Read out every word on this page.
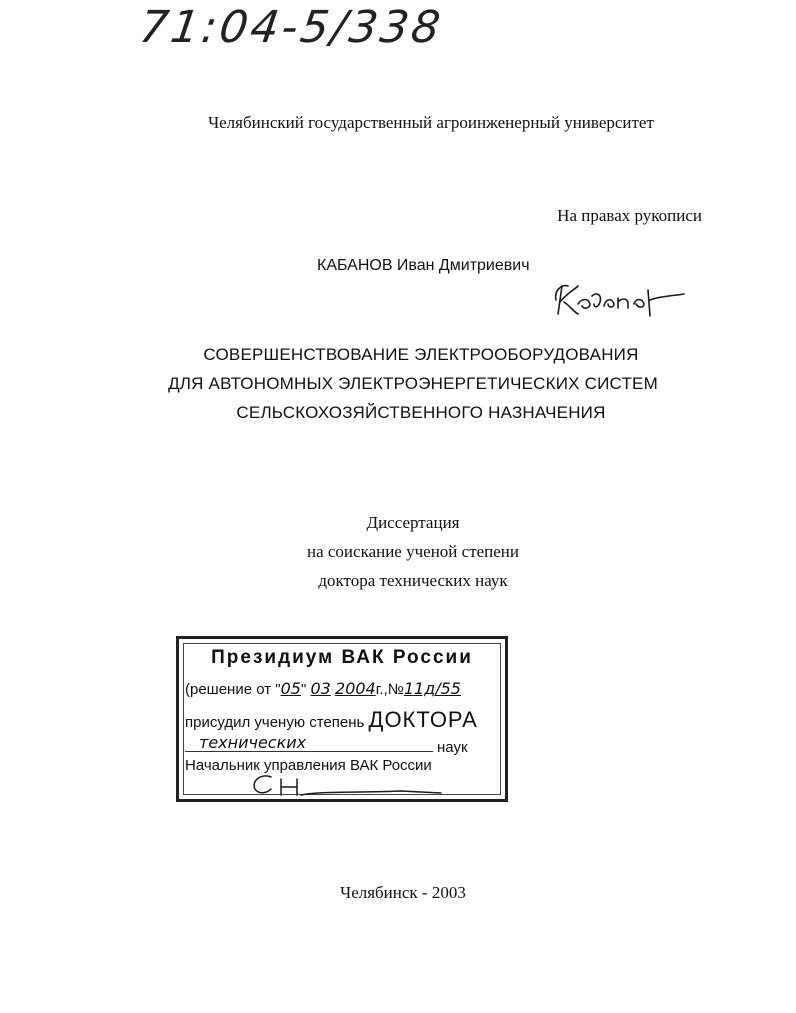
71:04-5/338
Челябинский государственный агроинженерный университет
На правах рукописи
КАБАНОВ Иван Дмитриевич
СОВЕРШЕНСТВОВАНИЕ ЭЛЕКТРООБОРУДОВАНИЯ
ДЛЯ АВТОНОМНЫХ ЭЛЕКТРОЭНЕРГЕТИЧЕСКИХ СИСТЕМ
СЕЛЬСКОХОЗЯЙСТВЕННОГО НАЗНАЧЕНИЯ
Диссертация
на соискание ученой степени
доктора технических наук
Президиум ВАК России
(решение от "05" 03 2004г.,№11д/55
присудил ученую степень ДОКТОРА
технических	наук
Начальник управления ВАК России
Челябинск - 2003
